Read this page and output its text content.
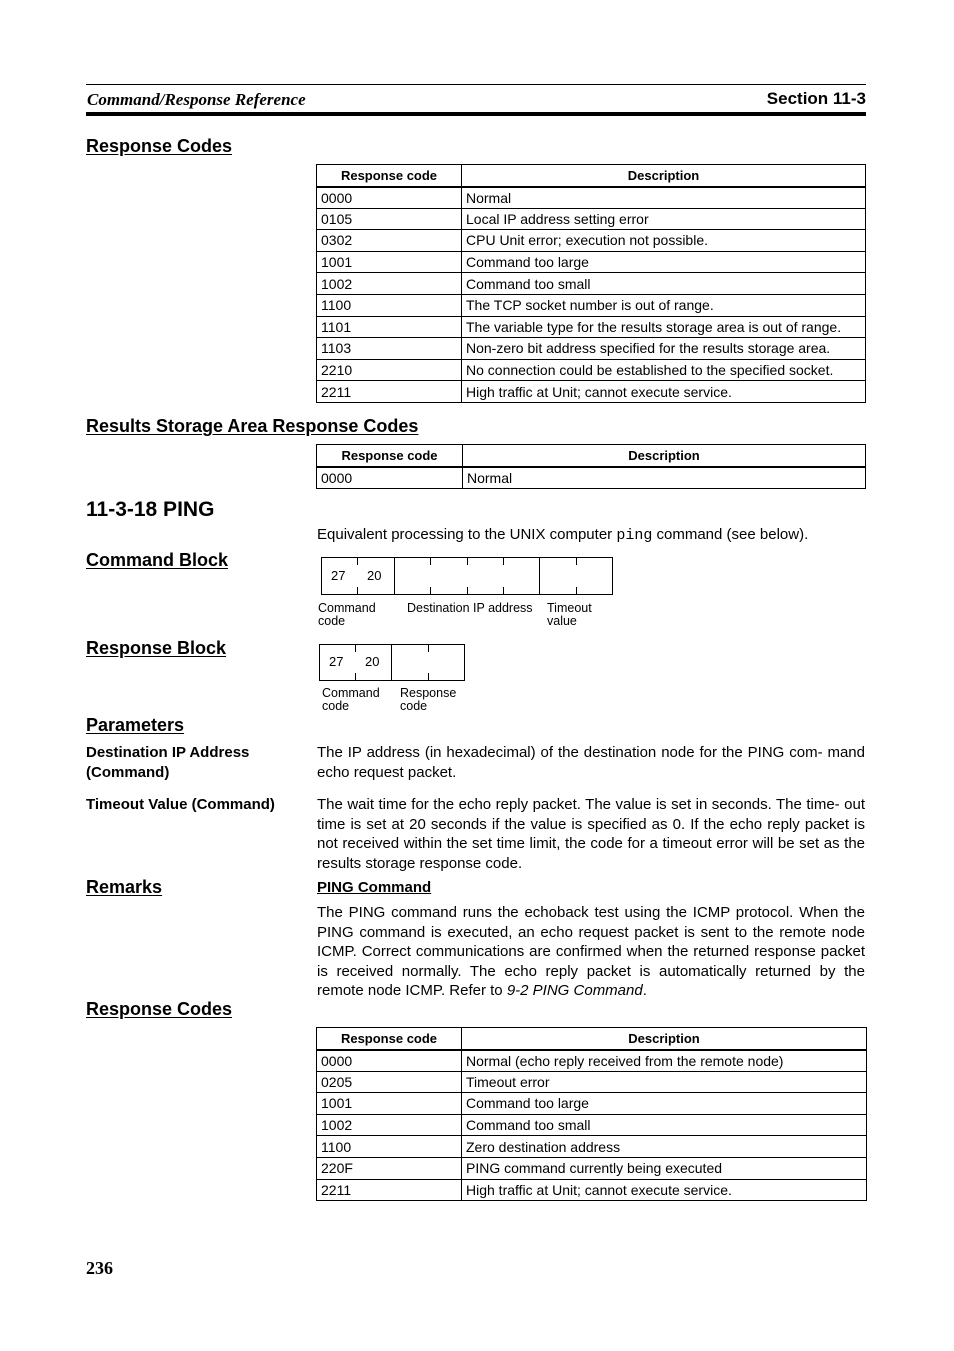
Command/Response Reference	Section 11-3
Response Codes
Response code	Description
0000	Normal
0105	Local IP address setting error
0302	CPU Unit error; execution not possible.
1001	Command too large
1002	Command too small
1100	The TCP socket number is out of range.
1101	The variable type for the results storage area is out of range.
1103	Non-zero bit address specified for the results storage area.
2210	No connection could be established to the specified socket.
2211	High traffic at Unit; cannot execute service.
Results Storage Area Response Codes
Response code	Description
0000	Normal
11-3-18 PING
Equivalent processing to the UNIX computer ping command (see below).
Command Block
27 20
Command
code
Destination IP address Timeout
value
Response Block
27 20
Command
code
Response
code
Parameters
Destination IP Address (Command)
The IP address (in hexadecimal) of the destination node for the PING com- mand echo request packet.
Timeout Value (Command)	The wait time for the echo reply packet. The value is set in seconds. The time- out time is set at 20 seconds if the value is specified as 0. If the echo reply packet is not received within the set time limit, the code for a timeout error will be set as the results storage response code.
Remarks	PING Command
The PING command runs the echoback test using the ICMP protocol. When the PING command is executed, an echo request packet is sent to the remote node ICMP. Correct communications are confirmed when the returned response packet is received normally. The echo reply packet is automatically returned by the remote node ICMP. Refer to 9-2 PING Command.
Response Codes
Response code	Description
0000	Normal (echo reply received from the remote node)
0205	Timeout error
1001	Command too large
1002	Command too small
1100	Zero destination address
220F	PING command currently being executed
2211	High traffic at Unit; cannot execute service.
236
